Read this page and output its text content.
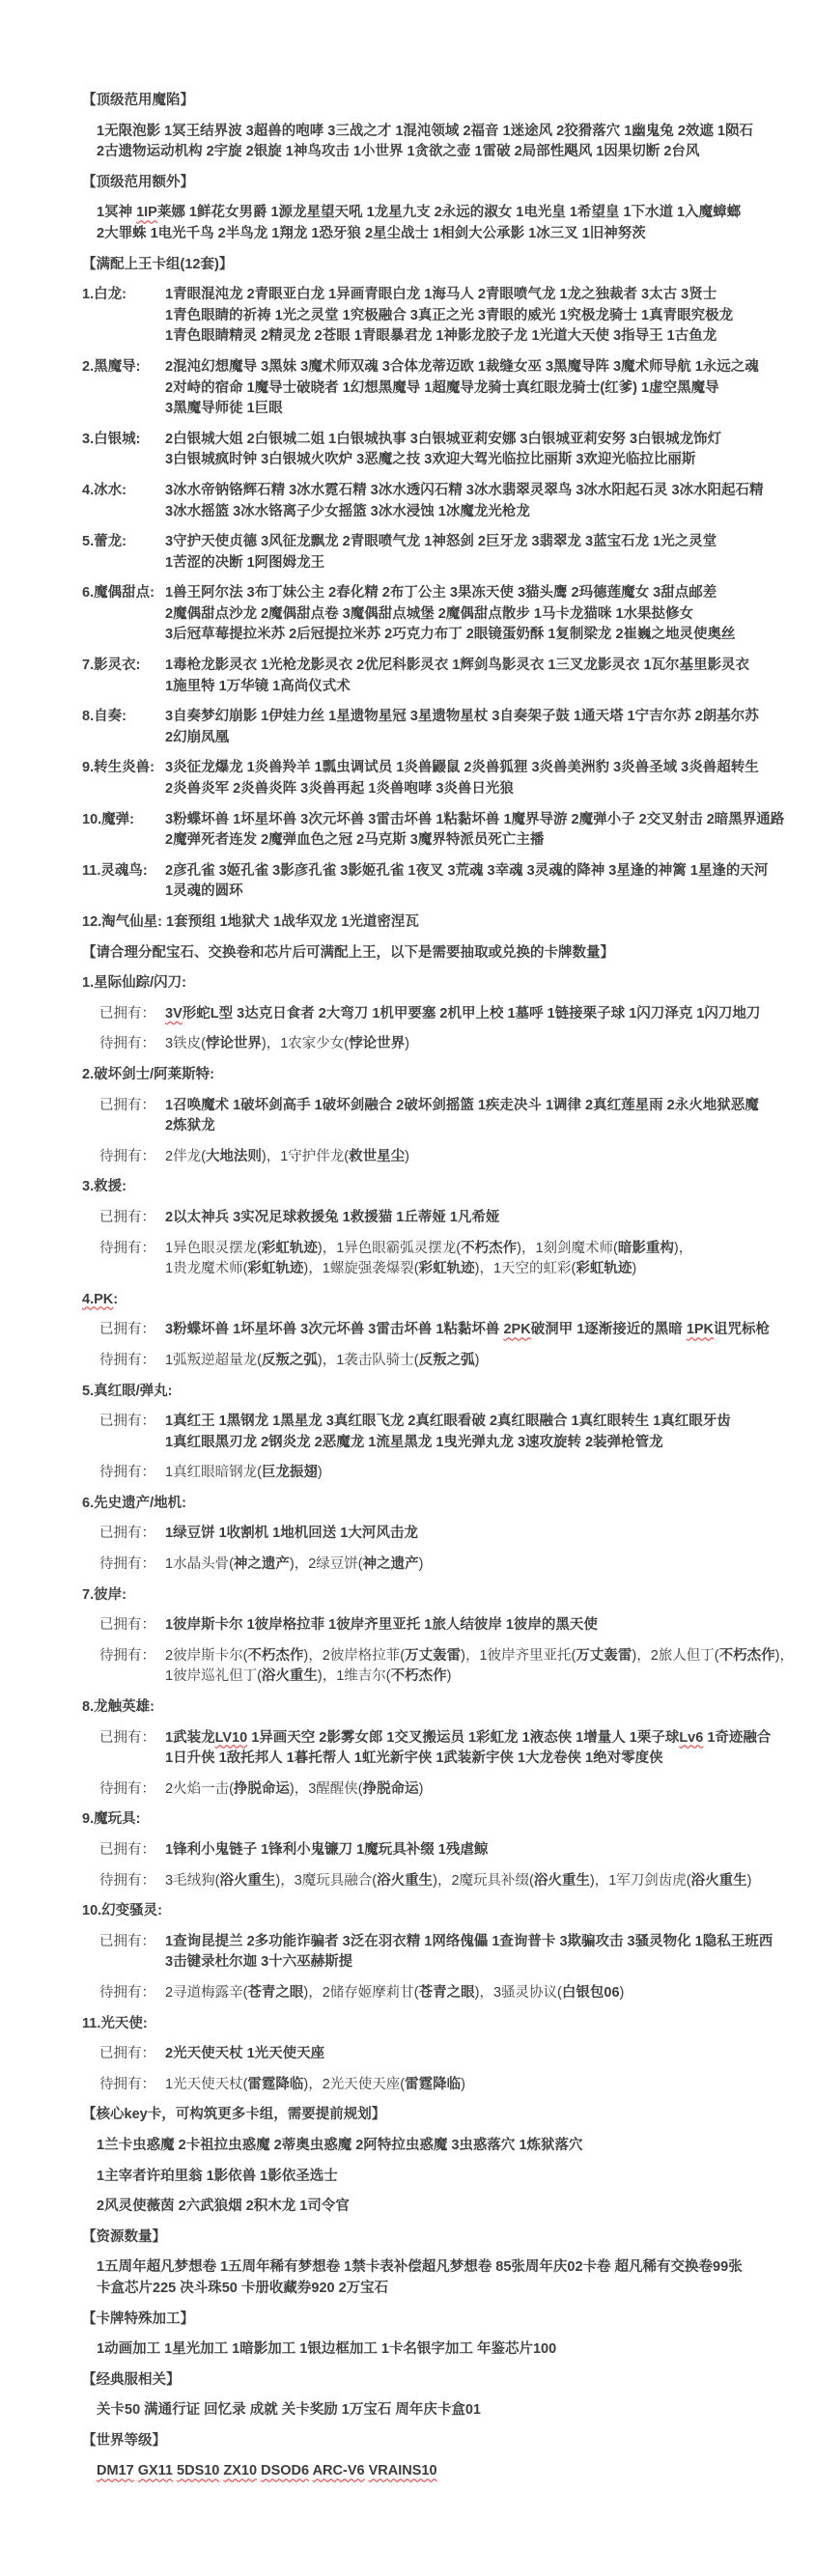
【顶级范用魔陷】
1无限泡影 1冥王结界波 3超兽的咆哮 3三战之才 1混沌领域 2福音 1迷途风 2狡猾落穴 1幽鬼兔 2效遮 1陨石
2古遗物运动机构 2宇旋 2银旋 1神鸟攻击 1小世界 1贪欲之壶 1雷破 2局部性飓风 1因果切断 2台风
【顶级范用额外】
1冥神 1IP莱娜 1鲜花女男爵 1源龙星望天吼 1龙星九支 2永远的淑女 1电光皇 1希望皇 1下水道 1入魔蟑螂
2大罪蛛 1电光千鸟 2半鸟龙 1翔龙 1恐牙狼 2星尘战士 1相剑大公承影 1冰三叉 1旧神努茨
【满配上王卡组(12套)】
1.白龙:	1青眼混沌龙 2青眼亚白龙 1异画青眼白龙 1海马人 2青眼喷气龙 1龙之独裁者 3太古 3贤士
1青色眼睛的祈祷 1光之灵堂 1究极融合 3真正之光 3青眼的威光 1究极龙骑士 1真青眼究极龙
1青色眼睛精灵 2精灵龙 2苍眼 1青眼暴君龙 1神影龙胶子龙 1光道大天使 3指导王 1古鱼龙
2.黑魔导:	2混沌幻想魔导 3黑妹 3魔术师双魂 3合体龙蒂迈欧 1裁缝女巫 3黑魔导阵 3魔术师导航 1永远之魂
2对峙的宿命 1魔导士破晓者 1幻想黑魔导 1超魔导龙骑士真红眼龙骑士(红爹) 1虚空黑魔导
3黑魔导师徒 1巨眼
3.白银城:	2白银城大姐 2白银城二姐 1白银城执事 3白银城亚莉安娜 3白银城亚莉安努 3白银城龙饰灯
3白银城疯时钟 3白银城火吹炉 3恶魔之技 3欢迎大驾光临拉比丽斯 3欢迎光临拉比丽斯
4.冰水:	3冰水帝钠铬辉石精 3冰水霓石精 3冰水透闪石精 3冰水翡翠灵翠鸟 3冰水阳起石灵 3冰水阳起石精
3冰水摇篮 3冰水铬离子少女摇篮 3冰水浸蚀 1冰魔龙光枪龙
5.蕾龙:	3守护天使贞德 3风征龙飘龙 2青眼喷气龙 1神怒剑 2巨牙龙 3翡翠龙 3蓝宝石龙 1光之灵堂
1苦涩的决断 1阿图姆龙王
6.魔偶甜点: 1兽王阿尔法 3布丁妹公主 2春化精 2布丁公主 3果冻天使 3猫头鹰 2玛德莲魔女 3甜点邮差
2魔偶甜点沙龙 2魔偶甜点卷 3魔偶甜点城堡 2魔偶甜点散步 1马卡龙猫咪 1水果挞修女
3后冠草莓提拉米苏 2后冠提拉米苏 2巧克力布丁 2眼镜蛋奶酥 1复制梁龙 2崔巍之地灵使奥丝
7.影灵衣:	1毒枪龙影灵衣 1光枪龙影灵衣 2优尼科影灵衣 1辉剑鸟影灵衣 1三叉龙影灵衣 1瓦尔基里影灵衣
1施里特 1万华镜 1高尚仪式术
8.自奏:	3自奏梦幻崩影 1伊娃力丝 1星遗物星冠 3星遗物星杖 3自奏架子鼓 1通天塔 1宁吉尔苏 2朗基尔苏
2幻崩凤凰
9.转生炎兽: 3炎征龙爆龙 1炎兽羚羊 1瓢虫调试员 1炎兽鼹鼠 2炎兽狐狸 3炎兽美洲豹 3炎兽圣域 3炎兽超转生
2炎兽炎军 2炎兽炎阵 3炎兽再起 1炎兽咆哮 3炎兽日光狼
10.魔弹:	3粉蝶坏兽 1坏星坏兽 3次元坏兽 3雷击坏兽 1粘黏坏兽 1魔界导游 2魔弹小子 2交叉射击 2暗黑界通路
2魔弹死者连发 2魔弹血色之冠 2马克斯 3魔界特派员死亡主播
11.灵魂鸟:	2彦孔雀 3姬孔雀 3影彦孔雀 3影姬孔雀 1夜叉 3荒魂 3幸魂 3灵魂的降神 3星逢的神篱 1星逢的天河
1灵魂的圆环
12.淘气仙星: 1套预组 1地狱犬 1战华双龙 1光道密涅瓦
【请合理分配宝石、交换卷和芯片后可满配上王，以下是需要抽取或兑换的卡牌数量】
1.星际仙踪/闪刀:
已拥有： 3V形蛇L型 3达克日食者 2大弯刀 1机甲要塞 2机甲上校 1墓呼 1链接栗子球 1闪刀泽克 1闪刀地刀
待拥有： 3铁皮(悖论世界)，1农家少女(悖论世界)
2.破坏剑士/阿莱斯特:
已拥有： 1召唤魔术 1破坏剑高手 1破坏剑融合 2破坏剑摇篮 1疾走决斗 1调律 2真红莲星雨 2永火地狱恶魔
2炼狱龙
待拥有： 2伴龙(大地法则)，1守护伴龙(救世星尘)
3.救援:
已拥有： 2以太神兵 3实况足球救援兔 1救援猫 1丘蒂娅 1凡希娅
待拥有： 1异色眼灵摆龙(彩虹轨迹)，1异色眼霸弧灵摆龙(不朽杰作)，1刻剑魔术师(暗影重构)，
1贵龙魔术师(彩虹轨迹)，1螺旋强袭爆裂(彩虹轨迹)，1天空的虹彩(彩虹轨迹)
4.PK:
已拥有： 3粉蝶坏兽 1坏星坏兽 3次元坏兽 3雷击坏兽 1粘黏坏兽 2PK破洞甲 1逐渐接近的黑暗 1PK诅咒标枪
待拥有： 1弧叛逆超量龙(反叛之弧)，1袭击队骑士(反叛之弧)
5.真红眼/弹丸:
已拥有： 1真红王 1黑钢龙 1黑星龙 3真红眼飞龙 2真红眼看破 2真红眼融合 1真红眼转生 1真红眼牙齿
1真红眼黑刃龙 2钢炎龙 2恶魔龙 1流星黑龙 1曳光弹丸龙 3速攻旋转 2装弹枪管龙
待拥有： 1真红眼暗钢龙(巨龙振翅)
6.先史遗产/地机:
已拥有： 1绿豆饼 1收割机 1地机回送 1大河风击龙
待拥有： 1水晶头骨(神之遗产)，2绿豆饼(神之遗产)
7.彼岸:
已拥有： 1彼岸斯卡尔 1彼岸格拉菲 1彼岸齐里亚托 1旅人结彼岸 1彼岸的黑天使
待拥有： 2彼岸斯卡尔(不朽杰作)，2彼岸格拉菲(万丈轰雷)，1彼岸齐里亚托(万丈轰雷)，2旅人但丁(不朽杰作)，
1彼岸巡礼但丁(浴火重生)，1维吉尔(不朽杰作)
8.龙触英雄:
已拥有： 1武装龙LV10 1异画天空 2影雾女郎 1交叉搬运员 1彩虹龙 1液态侠 1增量人 1栗子球Lv6 1奇迹融合
1日升侠 1敌托邦人 1暮托帮人 1虹光新宇侠 1武装新宇侠 1大龙卷侠 1绝对零度侠
待拥有： 2火焰一击(挣脱命运)，3醒醒侠(挣脱命运)
9.魔玩具:
已拥有： 1锋利小鬼链子 1锋利小鬼镰刀 1魔玩具补缀 1残虐鲸
待拥有： 3毛绒狗(浴火重生)，3魔玩具融合(浴火重生)，2魔玩具补缀(浴火重生)，1军刀剑齿虎(浴火重生)
10.幻变骚灵:
已拥有： 1查询昆提兰 2多功能诈骗者 3泛在羽衣精 1网络傀儡 1查询普卡 3欺骗攻击 3骚灵物化 1隐私王班西
3击键录杜尔迦 3十六巫赫斯提
待拥有： 2寻道梅露辛(苍青之眼)，2储存姬摩莉甘(苍青之眼)，3骚灵协议(白银包06)
11.光天使:
已拥有： 2光天使天杖 1光天使天座
待拥有： 1光天使天杖(雷霆降临)，2光天使天座(雷霆降临)
【核心key卡，可构筑更多卡组，需要提前规划】
1兰卡虫惑魔 2卡祖拉虫惑魔 2蒂奥虫惑魔 2阿特拉虫惑魔 3虫惑落穴 1炼狱落穴
1主宰者许珀里翁 1影依兽 1影依圣选士
2风灵使薇茵 2六武狼烟 2积木龙 1司令官
【资源数量】
1五周年超凡梦想卷 1五周年稀有梦想卷 1禁卡表补偿超凡梦想卷 85张周年庆02卡卷 超凡稀有交换卷99张
卡盒芯片225 决斗珠50 卡册收藏券920 2万宝石
【卡牌特殊加工】
1动画加工 1星光加工 1暗影加工 1银边框加工 1卡名银字加工 年鉴芯片100
【经典服相关】
关卡50 满通行证 回忆录 成就 关卡奖励 1万宝石 周年庆卡盒01
【世界等级】
DM17 GX11 5DS10 ZX10 DSOD6 ARC-V6 VRAINS10
